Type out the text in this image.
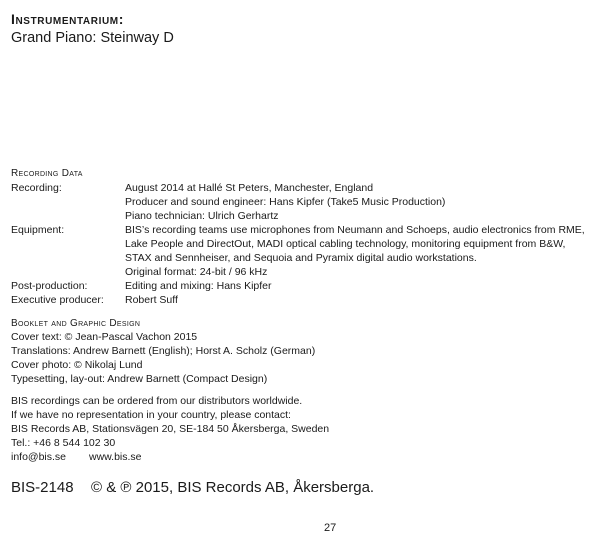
Instrumentarium:
Grand Piano: Steinway D
Recording Data
Recording:	August 2014 at Hallé St Peters, Manchester, England
Producer and sound engineer: Hans Kipfer (Take5 Music Production)
Piano technician: Ulrich Gerhartz
Equipment:	BIS’s recording teams use microphones from Neumann and Schoeps, audio electronics from RME,
Lake People and DirectOut, MADI optical cabling technology, monitoring equipment from B&W,
STAX and Sennheiser, and Sequoia and Pyramix digital audio workstations.
Original format: 24-bit / 96 kHz
Post-production:	Editing and mixing: Hans Kipfer
Executive producer: Robert Suff
Booklet and Graphic Design
Cover text: © Jean-Pascal Vachon 2015
Translations: Andrew Barnett (English); Horst A. Scholz (German)
Cover photo: © Nikolaj Lund
Typesetting, lay-out: Andrew Barnett (Compact Design)
BIS recordings can be ordered from our distributors worldwide.
If we have no representation in your country, please contact:
BIS Records AB, Stationsvägen 20, SE-184 50 Åkersberga, Sweden
Tel.: +46 8 544 102 30
info@bis.se www.bis.se
BIS-2148 © & ℗ 2015, BIS Records AB, Åkersberga.
27
